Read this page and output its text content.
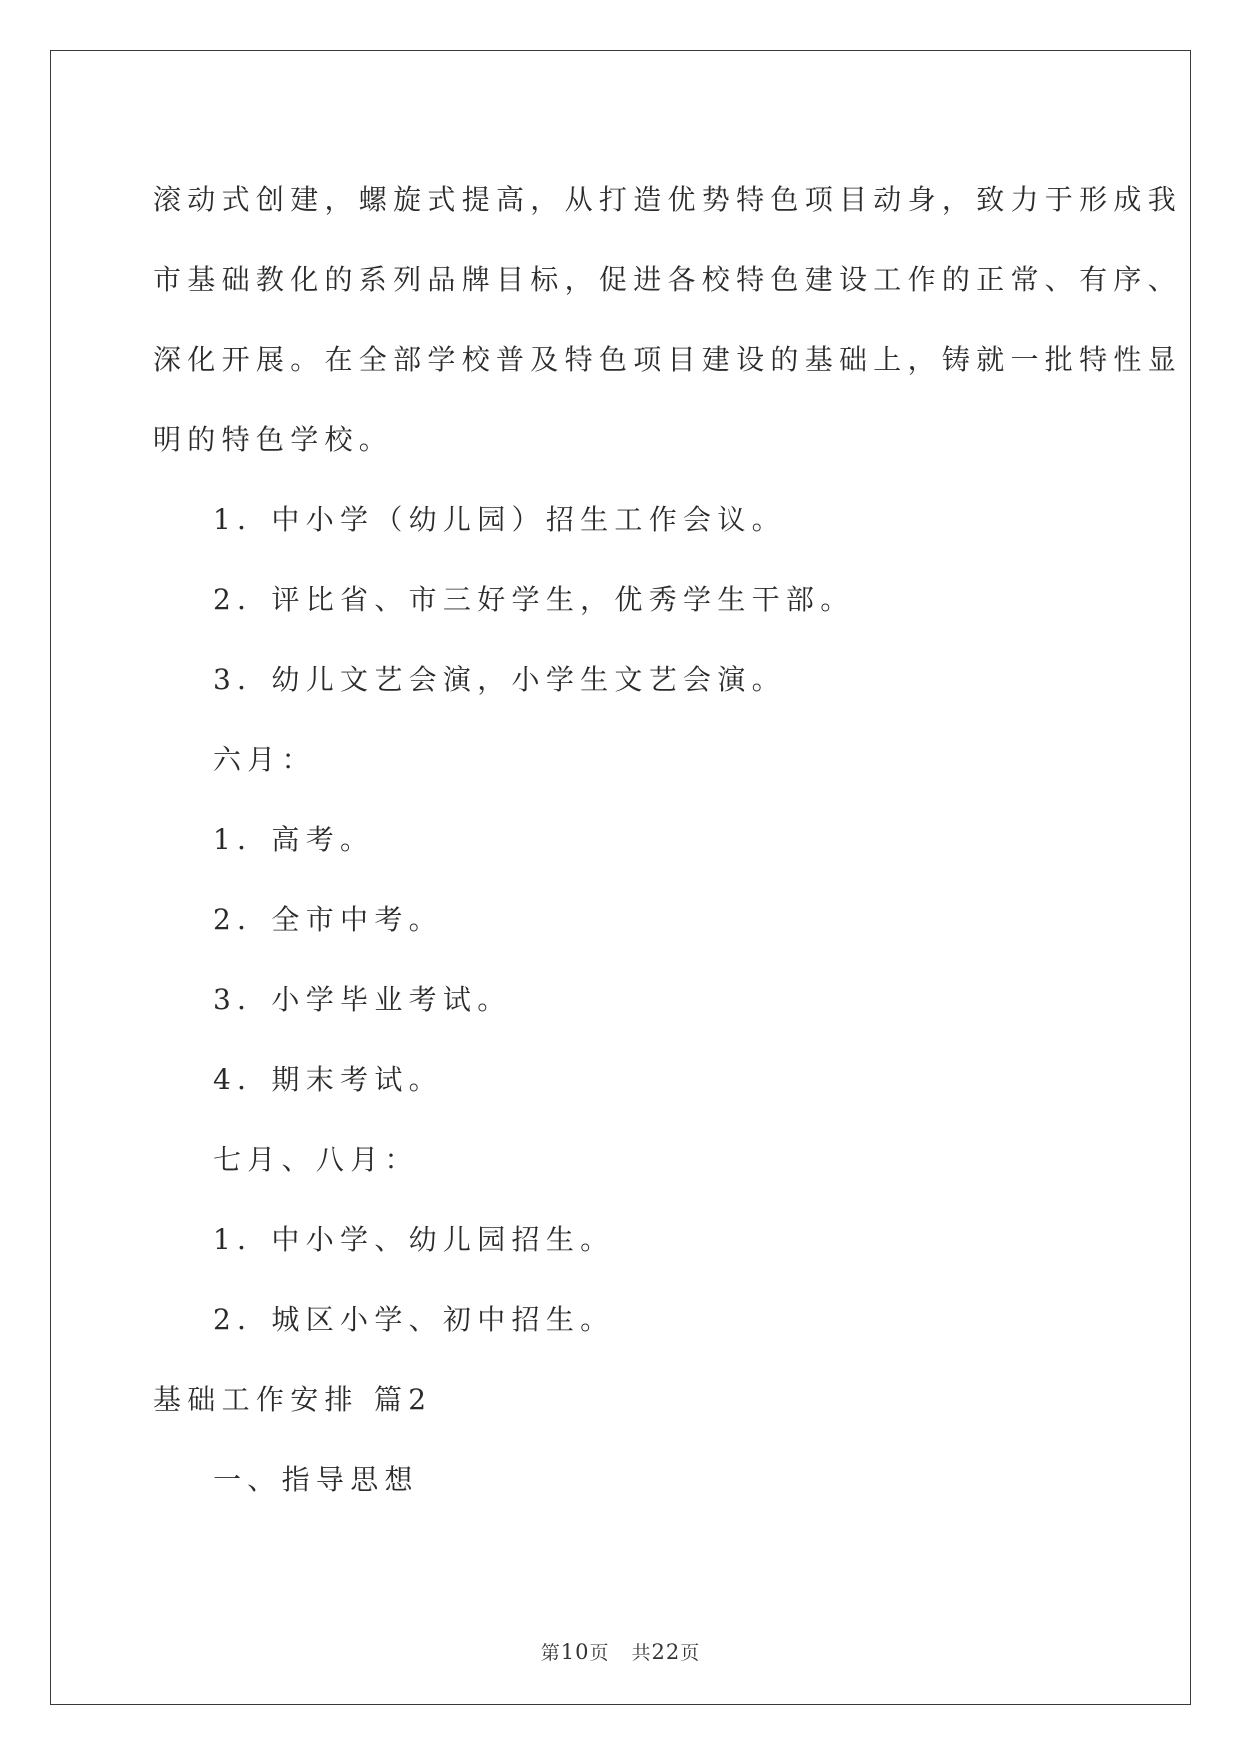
滚动式创建，螺旋式提高，从打造优势特色项目动身，致力于形成我
市基础教化的系列品牌目标，促进各校特色建设工作的正常、有序、
深化开展。在全部学校普及特色项目建设的基础上，铸就一批特性显
明的特色学校。
1．中小学（幼儿园）招生工作会议。
2．评比省、市三好学生，优秀学生干部。
3．幼儿文艺会演，小学生文艺会演。
六月：
1．高考。
2．全市中考。
3．小学毕业考试。
4．期末考试。
七月、八月：
1．中小学、幼儿园招生。
2．城区小学、初中招生。
基础工作安排 篇2
一、指导思想
第10页 共22页
